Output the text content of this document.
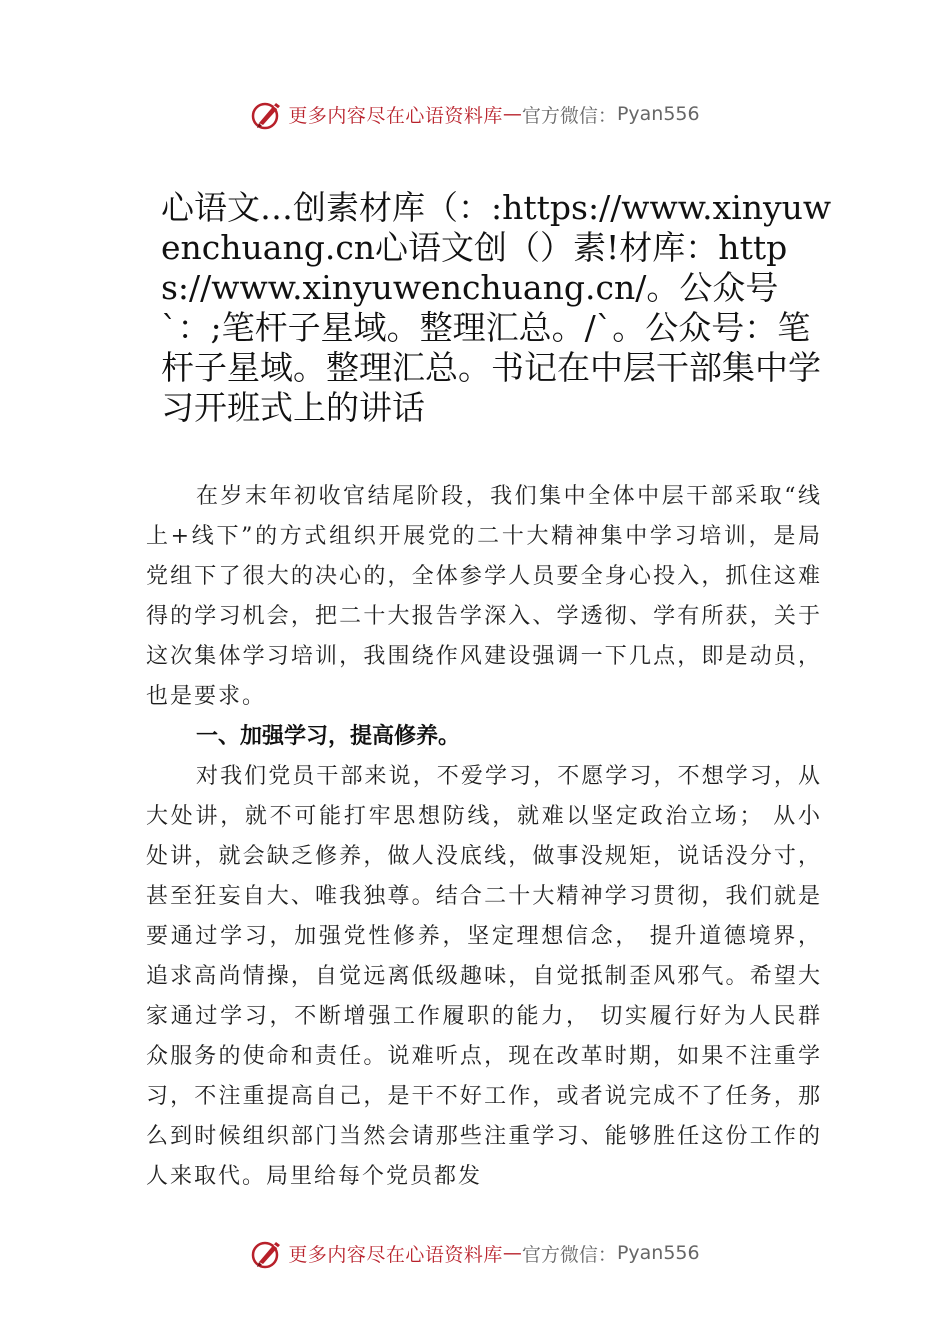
更多内容尽在心语资料库 — 官方微信： Pyan556
心语文…创素材库（：:https://www.xinyuwenchuang.cn心语文创（）素!材库：https://www.xinyuwenchuang.cn/。公众号`：;笔杆子星域。整理汇总。/`。公众号：笔杆子星域。整理汇总。书记在中层干部集中学习开班式上的讲话

在岁末年初收官结尾阶段，我们集中全体中层干部采取“线上+线下”的方式组织开展党的二十大精神集中学习培训，是局党组下了很大的决心的，全体参学人员要全身心投入，抓住这难得的学习机会，把二十大报告学深入、学透彻、学有所获，关于这次集体学习培训，我围绕作风建设强调一下几点，即是动员，也是要求。

一、加强学习，提高修养。

对我们党员干部来说，不爱学习，不愿学习，不想学习，从大处讲，就不可能打牢思想防线，就难以坚定政治立场； 从小处讲，就会缺乏修养，做人没底线，做事没规矩，说话没分寸，甚至狂妄自大、唯我独尊。结合二十大精神学习贯彻，我们就是要通过学习，加强党性修养，坚定理想信念， 提升道德境界，追求高尚情操，自觉远离低级趣味，自觉抵制歪风邪气。希望大家通过学习，不断增强工作履职的能力， 切实履行好为人民群众服务的使命和责任。说难听点，现在改革时期，如果不注重学习，不注重提高自己，是干不好工作，或者说完成不了任务，那么到时候组织部门当然会请那些注重学习、能够胜任这份工作的人来取代。局里给每个党员都发

更多内容尽在心语资料库 — 官方微信： Pyan556
